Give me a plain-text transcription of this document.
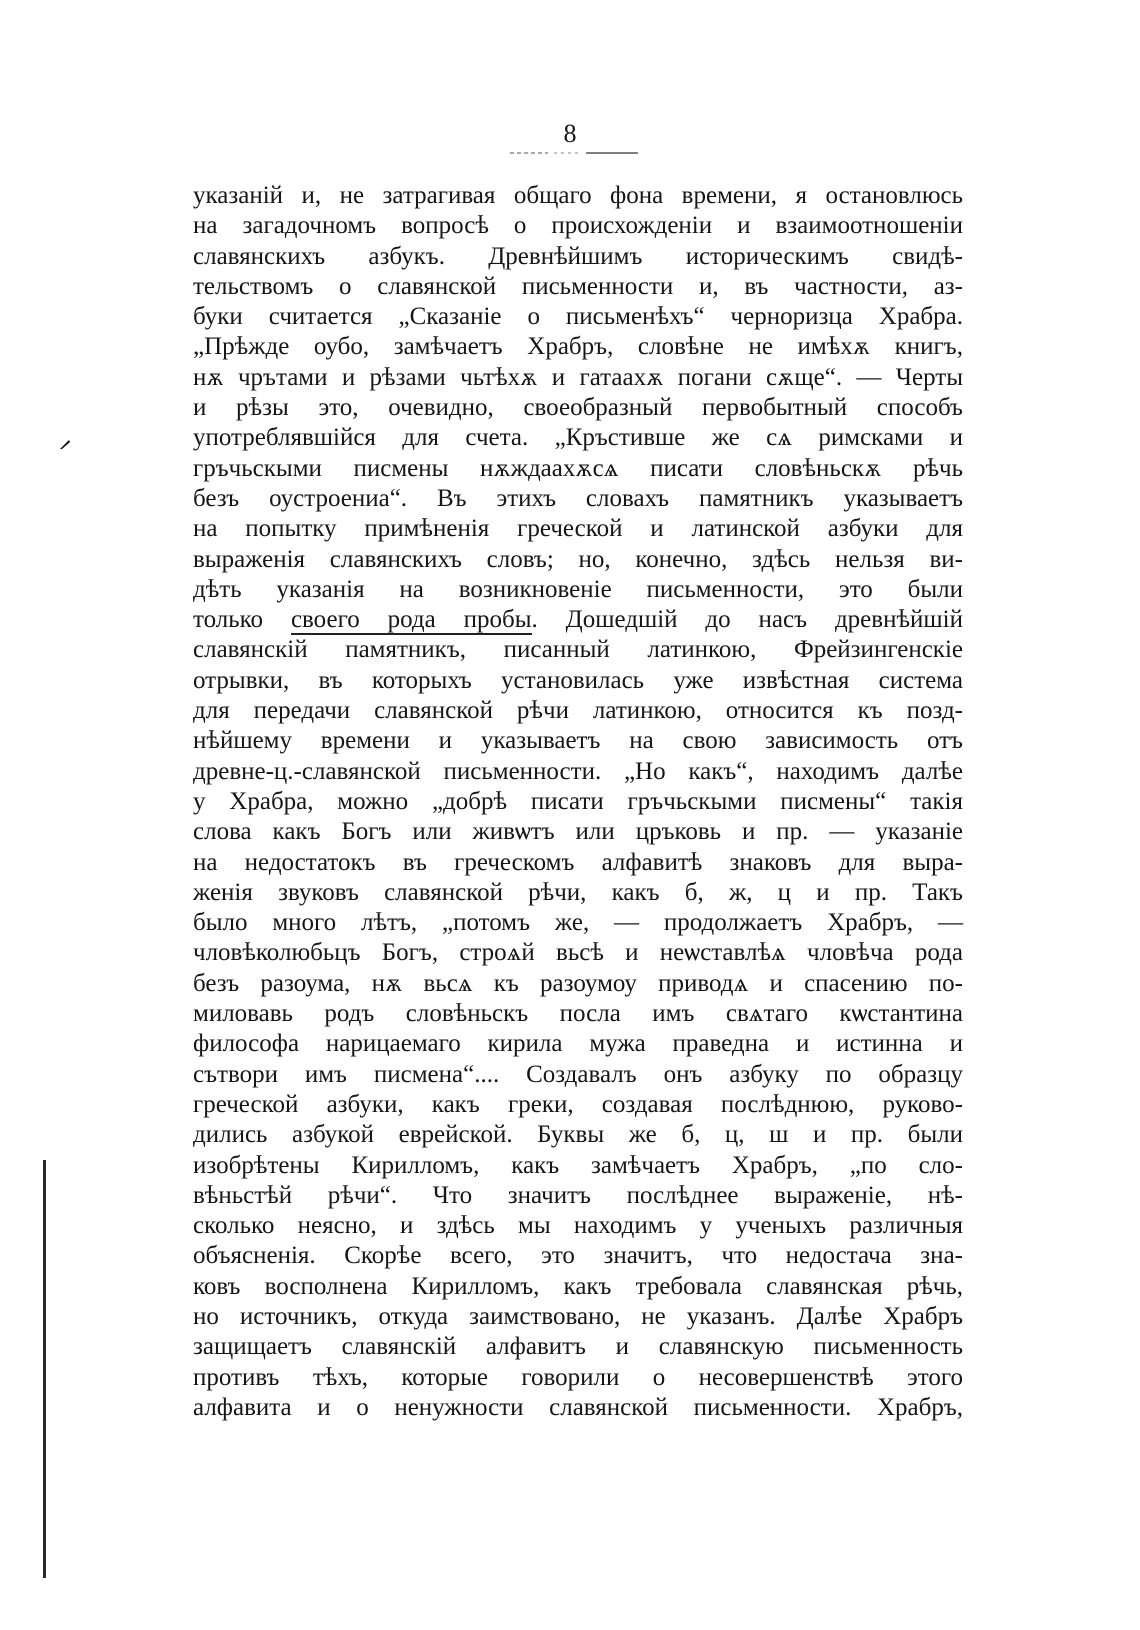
8
указаній и, не затрагивая общаго фона времени, я остановлюсь
на загадочномъ вопросѣ о происхожденіи и взаимоотношеніи
славянскихъ азбукъ. Древнѣйшимъ историческимъ свидѣ-
тельствомъ о славянской письменности и, въ частности, аз-
буки считается „Сказаніе о письменѣхъ“ черноризца Храбра.
„Прѣжде оубо, замѣчаетъ Храбръ, словѣне не имѣхѫ книгъ,
нѫ чрътами и рѣзами чьтѣхѫ и гатаахѫ погани сѫще“. — Черты
и рѣзы это, очевидно, своеобразный первобытный способъ
употреблявшійся для счета. „Кръстивше же сѧ римсками и
гръчьскыми писмены нѫждаахѫсѧ писати словѣньскѫ рѣчь
безъ оустроениа“. Въ этихъ словахъ памятникъ указываетъ
на попытку примѣненія греческой и латинской азбуки для
выраженія славянскихъ словъ; но, конечно, здѣсь нельзя ви-
дѣть указанія на возникновеніе письменности, это были
только своего рода пробы. Дошедшій до насъ древнѣйшій
славянскій памятникъ, писанный латинкою, Фрейзингенскіе
отрывки, въ которыхъ установилась уже извѣстная система
для передачи славянской рѣчи латинкою, относится къ позд-
нѣйшему времени и указываетъ на свою зависимость отъ
древне-ц.-славянской письменности. „Но какъ“, находимъ далѣе
у Храбра, можно „добрѣ писати гръчьскыми писмены“ такія
слова какъ Богъ или живѡтъ или цръковь и пр. — указаніе
на недостатокъ въ греческомъ алфавитѣ знаковъ для выра-
женія звуковъ славянской рѣчи, какъ б, ж, ц и пр. Такъ
было много лѣтъ, „потомъ же, — продолжаетъ Храбръ, —
чловѣколюбьцъ Богъ, строѧй вьсѣ и неѡставлѣѧ чловѣча рода
безъ разоума, нѫ вьсѧ къ разоумоу приводѧ и спасению по-
миловавь родъ словѣньскъ посла имъ свѧтаго кѡстантина
философа нарицаемаго кирила мужа праведна и истинна и
сътвори имъ писмена“.... Создавалъ онъ азбуку по образцу
греческой азбуки, какъ греки, создавая послѣднюю, руково-
дились азбукой еврейской. Буквы же б, ц, ш и пр. были
изобрѣтены Кирилломъ, какъ замѣчаетъ Храбръ, „по сло-
вѣньстѣй рѣчи“. Что значитъ послѣднее выраженіе, нѣ-
сколько неясно, и здѣсь мы находимъ у ученыхъ различныя
объясненія. Скорѣе всего, это значитъ, что недостача зна-
ковъ восполнена Кирилломъ, какъ требовала славянская рѣчь,
но источникъ, откуда заимствовано, не указанъ. Далѣе Храбръ
защищаетъ славянскій алфавитъ и славянскую письменность
противъ тѣхъ, которые говорили о несовершенствѣ этого
алфавита и о ненужности славянской письменности. Храбръ,
